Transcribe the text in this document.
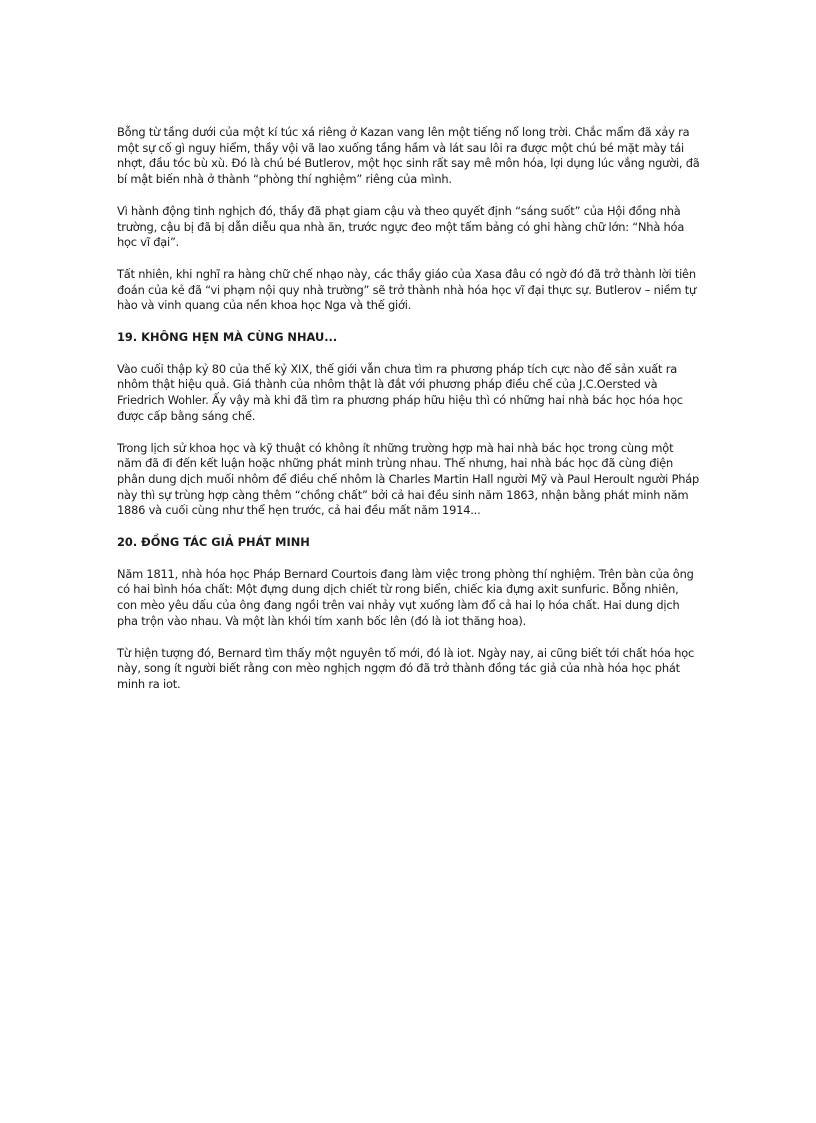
Bỗng từ tầng dưới của một kí túc xá riêng ở Kazan vang lên một tiếng nổ long trời. Chắc mẩm đã xảy ra một sự cố gì nguy hiểm, thầy vội vã lao xuống tầng hầm và lát sau lôi ra được một chú bé mặt mày tái nhợt, đầu tóc bù xù. Đó là chú bé Butlerov, một học sinh rất say mê môn hóa, lợi dụng lúc vắng người, đã bí mật biến nhà ở thành “phòng thí nghiệm” riêng của mình.

Vì hành động tinh nghịch đó, thầy đã phạt giam cậu và theo quyết định “sáng suốt” của Hội đồng nhà trường, cậu bị đã bị dẫn diễu qua nhà ăn, trước ngực đeo một tấm bảng có ghi hàng chữ lớn: “Nhà hóa học vĩ đại”.

Tất nhiên, khi nghĩ ra hàng chữ chế nhạo này, các thầy giáo của Xasa đâu có ngờ đó đã trở thành lời tiên đoán của kẻ đã “vi phạm nội quy nhà trường” sẽ trở thành nhà hóa học vĩ đại thực sự. Butlerov – niềm tự hào và vinh quang của nền khoa học Nga và thế giới.

19. KHÔNG HẸN MÀ CÙNG NHAU...

Vào cuối thập kỷ 80 của thế kỷ XIX, thế giới vẫn chưa tìm ra phương pháp tích cực nào để sản xuất ra nhôm thật hiệu quả. Giá thành của nhôm thật là đắt với phương pháp điều chế của J.C.Oersted và Friedrich Wohler. Ấy vậy mà khi đã tìm ra phương pháp hữu hiệu thì có những hai nhà bác học hóa học được cấp bằng sáng chế.

Trong lịch sử khoa học và kỹ thuật có không ít những trường hợp mà hai nhà bác học trong cùng một năm đã đi đến kết luận hoặc những phát minh trùng nhau. Thế nhưng, hai nhà bác học đã cùng điện phân dung dịch muối nhôm để điều chế nhôm là Charles Martin Hall người Mỹ và Paul Heroult người Pháp này thì sự trùng hợp càng thêm “chồng chất” bởi cả hai đều sinh năm 1863, nhận bằng phát minh năm 1886 và cuối cùng như thể hẹn trước, cả hai đều mất năm 1914...

20. ĐỒNG TÁC GIẢ PHÁT MINH

Năm 1811, nhà hóa học Pháp Bernard Courtois đang làm việc trong phòng thí nghiệm. Trên bàn của ông có hai bình hóa chất: Một đựng dung dịch chiết từ rong biển, chiếc kia đựng axit sunfuric. Bỗng nhiên, con mèo yêu dấu của ông đang ngồi trên vai nhảy vụt xuống làm đổ cả hai lọ hóa chất. Hai dung dịch pha trộn vào nhau. Và một làn khói tím xanh bốc lên (đó là iot thăng hoa).

Từ hiện tượng đó, Bernard tìm thấy một nguyên tố mới, đó là iot. Ngày nay, ai cũng biết tới chất hóa học này, song ít người biết rằng con mèo nghịch ngợm đó đã trở thành đồng tác giả của nhà hóa học phát minh ra iot.
